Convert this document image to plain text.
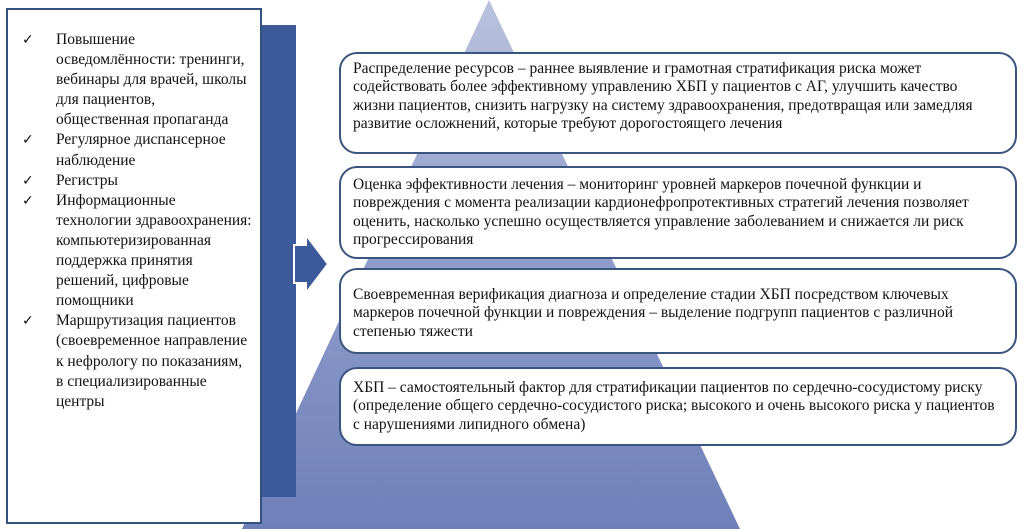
✓ Повышение осведомлённости: тренинги, вебинары для врачей, школы для пациентов, общественная пропаганда
✓ Регулярное диспансерное наблюдение
✓ Регистры
✓ Информационные технологии здравоохранения: компьютеризированная поддержка принятия решений, цифровые помощники
✓ Маршрутизация пациентов (своевременное направление к нефрологу по показаниям, в специализированные центры

Распределение ресурсов – раннее выявление и грамотная стратификация риска может содействовать более эффективному управлению ХБП у пациентов с АГ, улучшить качество жизни пациентов, снизить нагрузку на систему здравоохранения, предотвращая или замедляя развитие осложнений, которые требуют дорогостоящего лечения

Оценка эффективности лечения – мониторинг уровней маркеров почечной функции и повреждения с момента реализации кардионефропротективных стратегий лечения позволяет оценить, насколько успешно осуществляется управление заболеванием и снижается ли риск прогрессирования

Своевременная верификация диагноза и определение стадии ХБП посредством ключевых маркеров почечной функции и повреждения – выделение подгрупп пациентов с различной степенью тяжести

ХБП – самостоятельный фактор для стратификации пациентов по сердечно-сосудистому риску (определение общего сердечно-сосудистого риска; высокого и очень высокого риска у пациентов с нарушениями липидного обмена)
